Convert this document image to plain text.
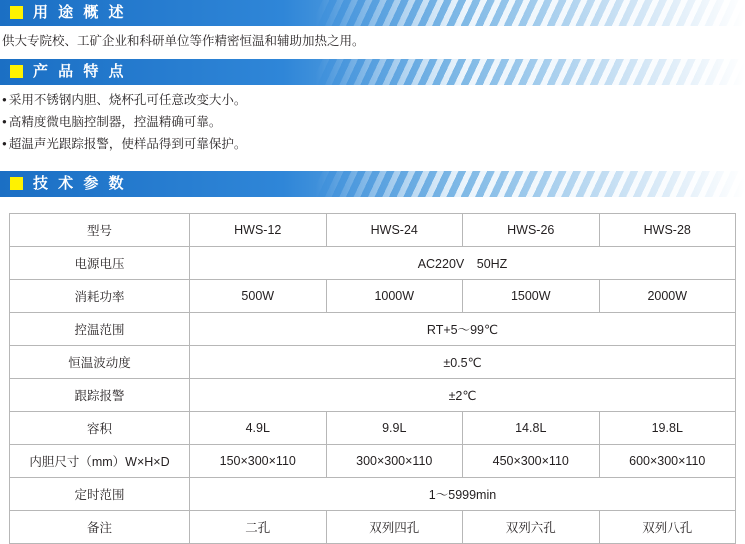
用 途 概 述
供大专院校、工矿企业和科研单位等作精密恒温和辅助加热之用。
产 品 特 点
● 采用不锈钢内胆、烧杯孔可任意改变大小。
● 高精度微电脑控制器，控温精确可靠。
● 超温声光跟踪报警，使样品得到可靠保护。
技 术 参 数
型号	HWS-12	HWS-24	HWS-26	HWS-28
电源电压	AC220V　50HZ			
消耗功率	500W	1000W	1500W	2000W
控温范围	RT+5～99℃			
恒温波动度	±0.5℃			
跟踪报警	±2℃			
容积	4.9L	9.9L	14.8L	19.8L
内胆尺寸（mm）W×H×D	150×300×110	300×300×110	450×300×110	600×300×110
定时范围	1～5999min			
备注	二孔	双列四孔	双列六孔	双列八孔
